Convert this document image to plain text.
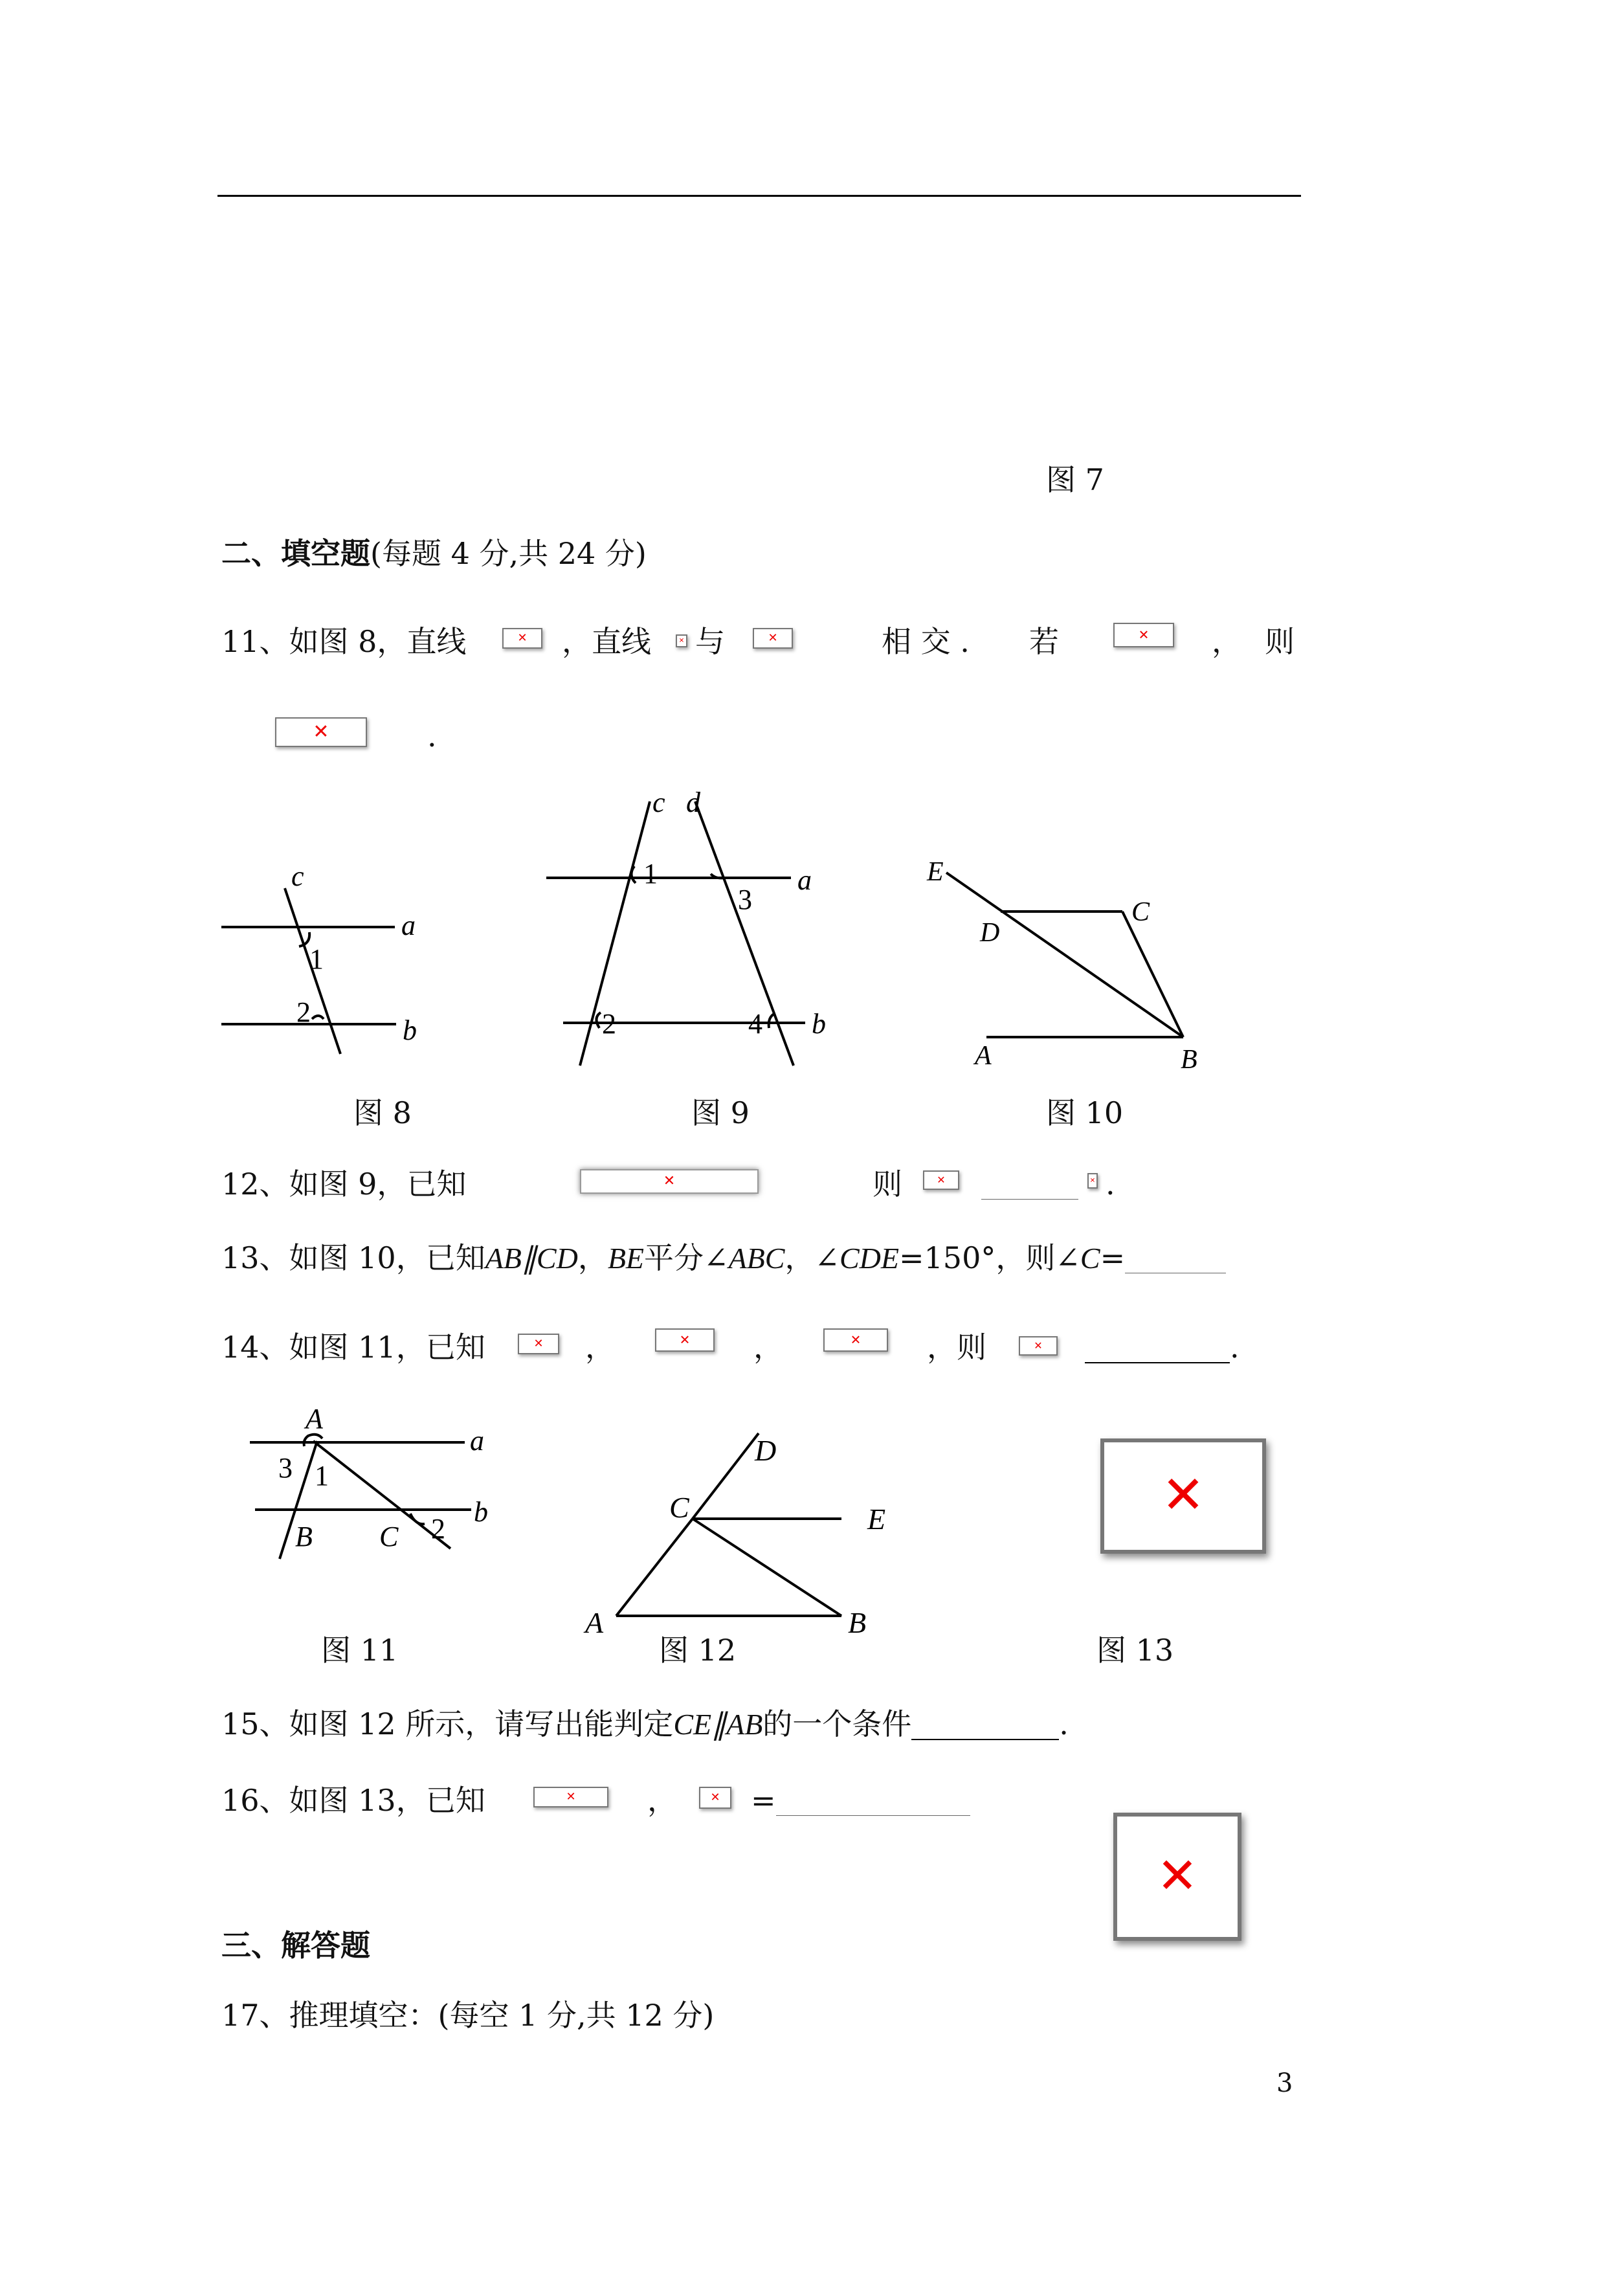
图 7
二、填空题(每题 4 分,共 24 分)
11、如图 8，直线 ✕	，直线 ✕ 与 ✕	相 交 . 若 ✕	， 则
✕
.
c
a
1
2
b
图 8
c d
1	a
3
2	4 b
图 9
E
C
D
A	B
图 10
12、如图 9，已知 ✕	则 ✕
✕	.
13、如图 10，已知AB∥CD，BE平分∠ABC，∠CDE=150°，则∠C=
14、如图 11，已知 ✕	， ✕	， ✕	，则 ✕	.
A
a
3 1
b
B C 2
图 11
D
C	E
A	B
图 12
✕	图 13
15、如图 12 所示，请写出能判定CE∥AB的一个条件	.
16、如图 13，已知 ✕	， ✕ =
✕
三、解答题
17、推理填空：(每空 1 分,共 12 分)
3
